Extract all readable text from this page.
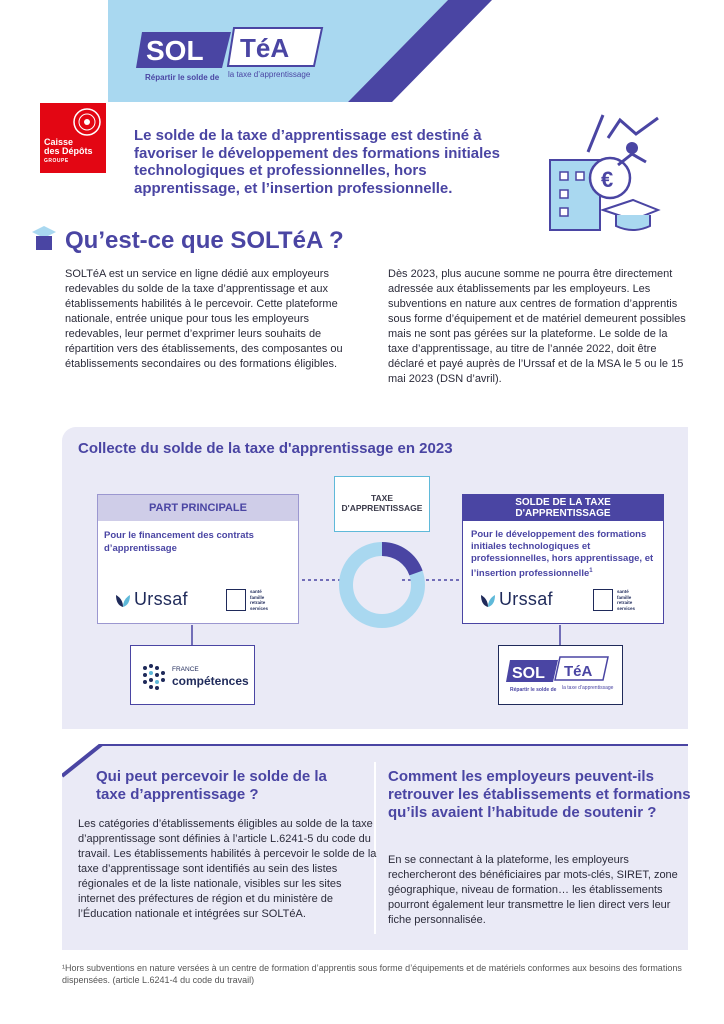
SOL TéA
Répartir le solde de la taxe d’apprentissage
Caisse
des Dépôts
GROUPE
Le solde de la taxe d’apprentissage est destiné à favoriser le développement des formations initiales technologiques et professionnelles, hors apprentissage, et l’insertion professionnelle.	€
Qu’est-ce que SOLTéA ?
SOLTéA est un service en ligne dédié aux employeurs redevables du solde de la taxe d’apprentissage et aux établissements habilités à le percevoir. Cette plateforme nationale, entrée unique pour tous les employeurs redevables, leur permet d’exprimer leurs souhaits de répartition vers des établissements, des composantes ou établissements secondaires ou des formations éligibles.
Dès 2023, plus aucune somme ne pourra être directement adressée aux établissements par les employeurs. Les subventions en nature aux centres de formation d’apprentis sous forme d’équipement et de matériel demeurent possibles mais ne sont pas gérées sur la plateforme. Le solde de la taxe d’apprentissage, au titre de l’année 2022, doit être déclaré et payé auprès de l’Urssaf et de la MSA le 5 ou le 15 mai 2023 (DSN d’avril).
Collecte du solde de la taxe d'apprentissage en 2023
TAXE
D'APPRENTISSAGE
PART PRINCIPALE
Pour le financement des contrats d’apprentissage
Urssaf	santé
famille
retraite
services
SOLDE DE LA TAXE
D'APPRENTISSAGE
Pour le développement des formations initiales technologiques et professionnelles, hors apprentissage, et l’insertion professionnelle$^1$
Urssaf	santé
famille
retraite
services
FRANCE
compétences	SOL TéA
Répartir le solde de la taxe d’apprentissage
Qui peut percevoir le solde de la taxe d’apprentissage ?
Les catégories d’établissements éligibles au solde de la taxe d’apprentissage sont définies à l’article L.6241-5 du code du travail. Les établissements habilités à percevoir le solde de la taxe d’apprentissage sont identifiés au sein des listes régionales et de la liste nationale, visibles sur les sites internet des préfectures de région et du ministère de l’Éducation nationale et intégrées sur SOLTéA.
Comment les employeurs peuvent-ils retrouver les établissements et formations qu’ils avaient l’habitude de soutenir ?
En se connectant à la plateforme, les employeurs rechercheront des bénéficiaires par mots-clés, SIRET, zone géographique, niveau de formation… les établissements pourront également leur transmettre le lien direct vers leur fiche personnalisée.
¹Hors subventions en nature versées à un centre de formation d’apprentis sous forme d’équipements et de matériels conformes aux besoins des formations dispensées. (article L.6241-4 du code du travail)
